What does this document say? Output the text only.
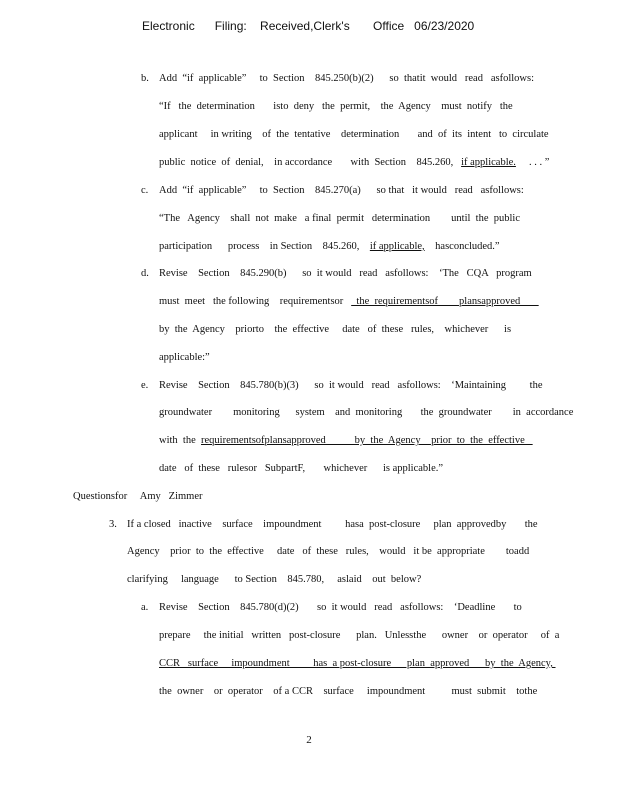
Electronic      Filing:    Received,Clerk's       Office   06/23/2020
b. Add  “if  applicable”     to  Section    845.250(b)(2)      so  thatit  would   read   asfollows:
“If   the  determination       isto  deny   the  permit,    the  Agency    must  notify   the
applicant     in writing    of  the  tentative    determination       and  of  its  intent   to  circulate
public  notice  of  denial,    in accordance       with  Section    845.260,   if applicable.     . . . ”
c. Add  “if  applicable”     to  Section    845.270(a)      so that   it would   read   asfollows:
“The   Agency    shall  not  make   a final  permit   determination        until  the  public
participation      process    in Section    845.260,    if applicable,    hasconcluded.”
d. Revise    Section    845.290(b)      so  it would   read   asfollows:    ‘The   CQA   program
must  meet   the following    requirementsor     the  requirementsof        plansapproved
by  the  Agency    priorto    the  effective     date   of  these   rules,    whichever      is
applicable:”
e. Revise    Section    845.780(b)(3)      so  it would   read   asfollows:    ‘Maintaining         the
groundwater        monitoring      system    and  monitoring       the  groundwater        in  accordance
with  the  requirementsofplansapproved           by  the  Agency    prior  to  the  effective
date   of  these   rulesor   SubpartF,       whichever      is applicable.”
Questionsfor     Amy   Zimmer
3. If a closed   inactive    surface    impoundment         hasa  post-closure     plan  approvedby       the
Agency    prior  to  the  effective     date   of  these   rules,    would   it be  appropriate        toadd
clarifying     language      to Section    845.780,     aslaid    out  below?
a. Revise    Section    845.780(d)(2)       so  it would   read   asfollows:    ‘Deadline       to
prepare     the initial   written   post-closure      plan.   Unlessthe      owner    or  operator     of  a
CCR   surface     impoundment         has  a post-closure      plan  approved      by  the  Agency,
the  owner    or  operator    of a CCR    surface     impoundment          must  submit    tothe
2
